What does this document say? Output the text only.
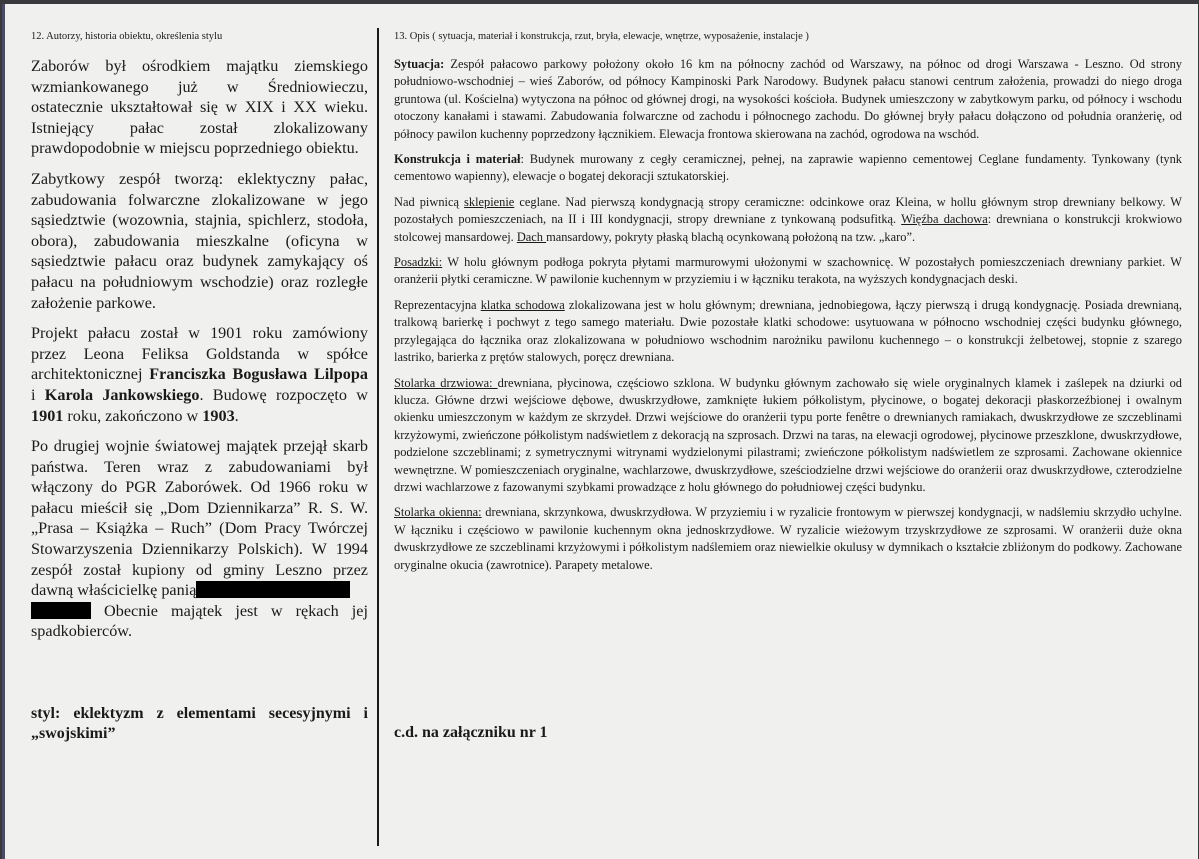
12. Autorzy, historia obiektu, określenia stylu

Zaborów był ośrodkiem majątku ziemskiego wzmiankowanego już w Średniowieczu, ostatecznie ukształtował się w XIX i XX wieku. Istniejący pałac został zlokalizowany prawdopodobnie w miejscu poprzedniego obiektu.

Zabytkowy zespół tworzą: eklektyczny pałac, zabudowania folwarczne zlokalizowane w jego sąsiedztwie (wozownia, stajnia, spichlerz, stodoła, obora), zabudowania mieszkalne (oficyna w sąsiedztwie pałacu oraz budynek zamykający oś pałacu na południowym wschodzie) oraz rozległe założenie parkowe.

Projekt pałacu został w 1901 roku zamówiony przez Leona Feliksa Goldstanda w spółce architektonicznej Franciszka Bogusława Lilpopa i Karola Jankowskiego. Budowę rozpoczęto w 1901 roku, zakończono w 1903.

Po drugiej wojnie światowej majątek przejął skarb państwa. Teren wraz z zabudowaniami był włączony do PGR Zaborówek. Od 1966 roku w pałacu mieścił się „Dom Dziennikarza” R. S. W. „Prasa – Książka – Ruch” (Dom Pracy Twórczej Stowarzyszenia Dziennikarzy Polskich). W 1994 zespół został kupiony od gminy Leszno przez dawną właścicielkę panią
Obecnie majątek jest w rękach jej spadkobierców.

styl: eklektyzm z elementami secesyjnymi i „swojskimi”
13. Opis ( sytuacja, materiał i konstrukcja, rzut, bryła, elewacje, wnętrze, wyposażenie, instalacje )

Sytuacja: Zespół pałacowo parkowy położony około 16 km na północny zachód od Warszawy, na północ od drogi Warszawa - Leszno. Od strony południowo-wschodniej – wieś Zaborów, od północy Kampinoski Park Narodowy. Budynek pałacu stanowi centrum założenia, prowadzi do niego droga gruntowa (ul. Kościelna) wytyczona na północ od głównej drogi, na wysokości kościoła. Budynek umieszczony w zabytkowym parku, od północy i wschodu otoczony kanałami i stawami. Zabudowania folwarczne od zachodu i północnego zachodu. Do głównej bryły pałacu dołączono od południa oranżerię, od północy pawilon kuchenny poprzedzony łącznikiem. Elewacja frontowa skierowana na zachód, ogrodowa na wschód.

Konstrukcja i materiał: Budynek murowany z cegły ceramicznej, pełnej, na zaprawie wapienno cementowej Ceglane fundamenty. Tynkowany (tynk cementowo wapienny), elewacje o bogatej dekoracji sztukatorskiej.

Nad piwnicą sklepienie ceglane. Nad pierwszą kondygnacją stropy ceramiczne: odcinkowe oraz Kleina, w hollu głównym strop drewniany belkowy. W pozostałych pomieszczeniach, na II i III kondygnacji, stropy drewniane z tynkowaną podsufitką. Więźba dachowa: drewniana o konstrukcji krokwiowo stolcowej mansardowej. Dach mansardowy, pokryty płaską blachą ocynkowaną położoną na tzw. „karo”.

Posadzki: W holu głównym podłoga pokryta płytami marmurowymi ułożonymi w szachownicę. W pozostałych pomieszczeniach drewniany parkiet. W oranżerii płytki ceramiczne. W pawilonie kuchennym w przyziemiu i w łączniku terakota, na wyższych kondygnacjach deski.

Reprezentacyjna klatka schodowa zlokalizowana jest w holu głównym; drewniana, jednobiegowa, łączy pierwszą i drugą kondygnację. Posiada drewnianą, tralkową barierkę i pochwyt z tego samego materiału. Dwie pozostałe klatki schodowe: usytuowana w północno wschodniej części budynku głównego, przylegająca do łącznika oraz zlokalizowana w południowo wschodnim narożniku pawilonu kuchennego – o konstrukcji żelbetowej, stopnie z szarego lastriko, barierka z prętów stalowych, poręcz drewniana.

Stolarka drzwiowa: drewniana, płycinowa, częściowo szklona. W budynku głównym zachowało się wiele oryginalnych klamek i zaślepek na dziurki od klucza. Główne drzwi wejściowe dębowe, dwuskrzydłowe, zamknięte łukiem półkolistym, płycinowe, o bogatej dekoracji płaskorzeźbionej i owalnym okienku umieszczonym w każdym ze skrzydeł. Drzwi wejściowe do oranżerii typu porte fenêtre o drewnianych ramiakach, dwuskrzydłowe ze szczeblinami krzyżowymi, zwieńczone półkolistym nadświetlem z dekoracją na szprosach. Drzwi na taras, na elewacji ogrodowej, płycinowe przeszklone, dwuskrzydłowe, podzielone szczeblinami; z symetrycznymi witrynami wydzielonymi pilastrami; zwieńczone półkolistym nadświetlem ze szprosami. Zachowane okiennice wewnętrzne. W pomieszczeniach oryginalne, wachlarzowe, dwuskrzydłowe, sześciodzielne drzwi wejściowe do oranżerii oraz dwuskrzydłowe, czterodzielne drzwi wachlarzowe z fazowanymi szybkami prowadzące z holu głównego do południowej części budynku.

Stolarka okienna: drewniana, skrzynkowa, dwuskrzydłowa. W przyziemiu i w ryzalicie frontowym w pierwszej kondygnacji, w nadślemiu skrzydło uchylne. W łączniku i częściowo w pawilonie kuchennym okna jednoskrzydłowe. W ryzalicie wieżowym trzyskrzydłowe ze szprosami. W oranżerii duże okna dwuskrzydłowe ze szczeblinami krzyżowymi i półkolistym nadślemiem oraz niewielkie okulusy w dymnikach o kształcie zbliżonym do podkowy. Zachowane oryginalne okucia (zawrotnice). Parapety metalowe.

c.d. na załączniku nr 1
